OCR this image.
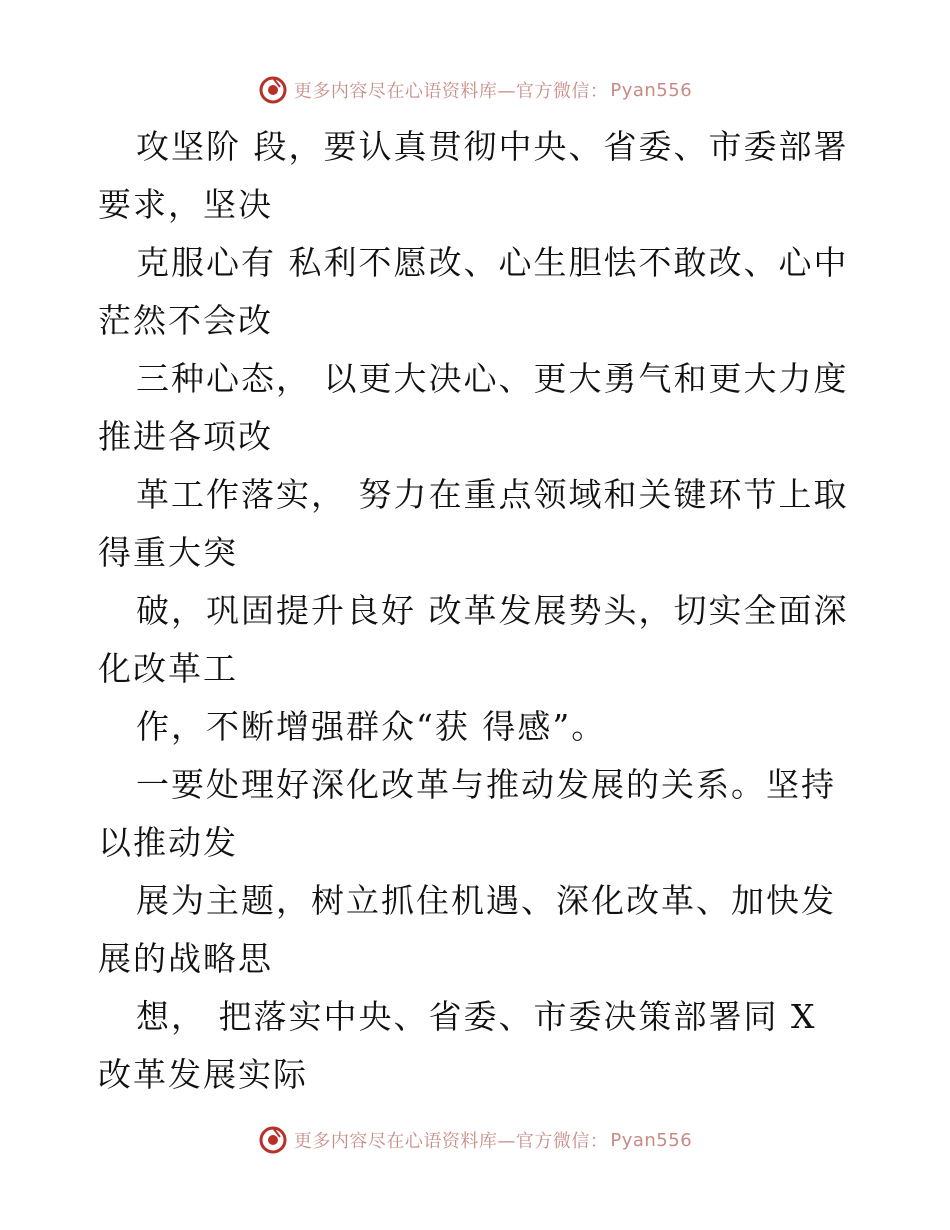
更多内容尽在心语资料库—官方微信： Pyan556

攻坚阶 段，要认真贯彻中央、省委、市委部署要求，坚决

克服心有 私利不愿改、心生胆怯不敢改、心中茫然不会改

三种心态， 以更大决心、更大勇气和更大力度推进各项改

革工作落实， 努力在重点领域和关键环节上取得重大突

破，巩固提升良好 改革发展势头，切实全面深化改革工

作，不断增强群众“获 得感”。

一要处理好深化改革与推动发展的关系。坚持以推动发

展为主题，树立抓住机遇、深化改革、加快发展的战略思

想， 把落实中央、省委、市委决策部署同 X 改革发展实际

更多内容尽在心语资料库—官方微信： Pyan556
